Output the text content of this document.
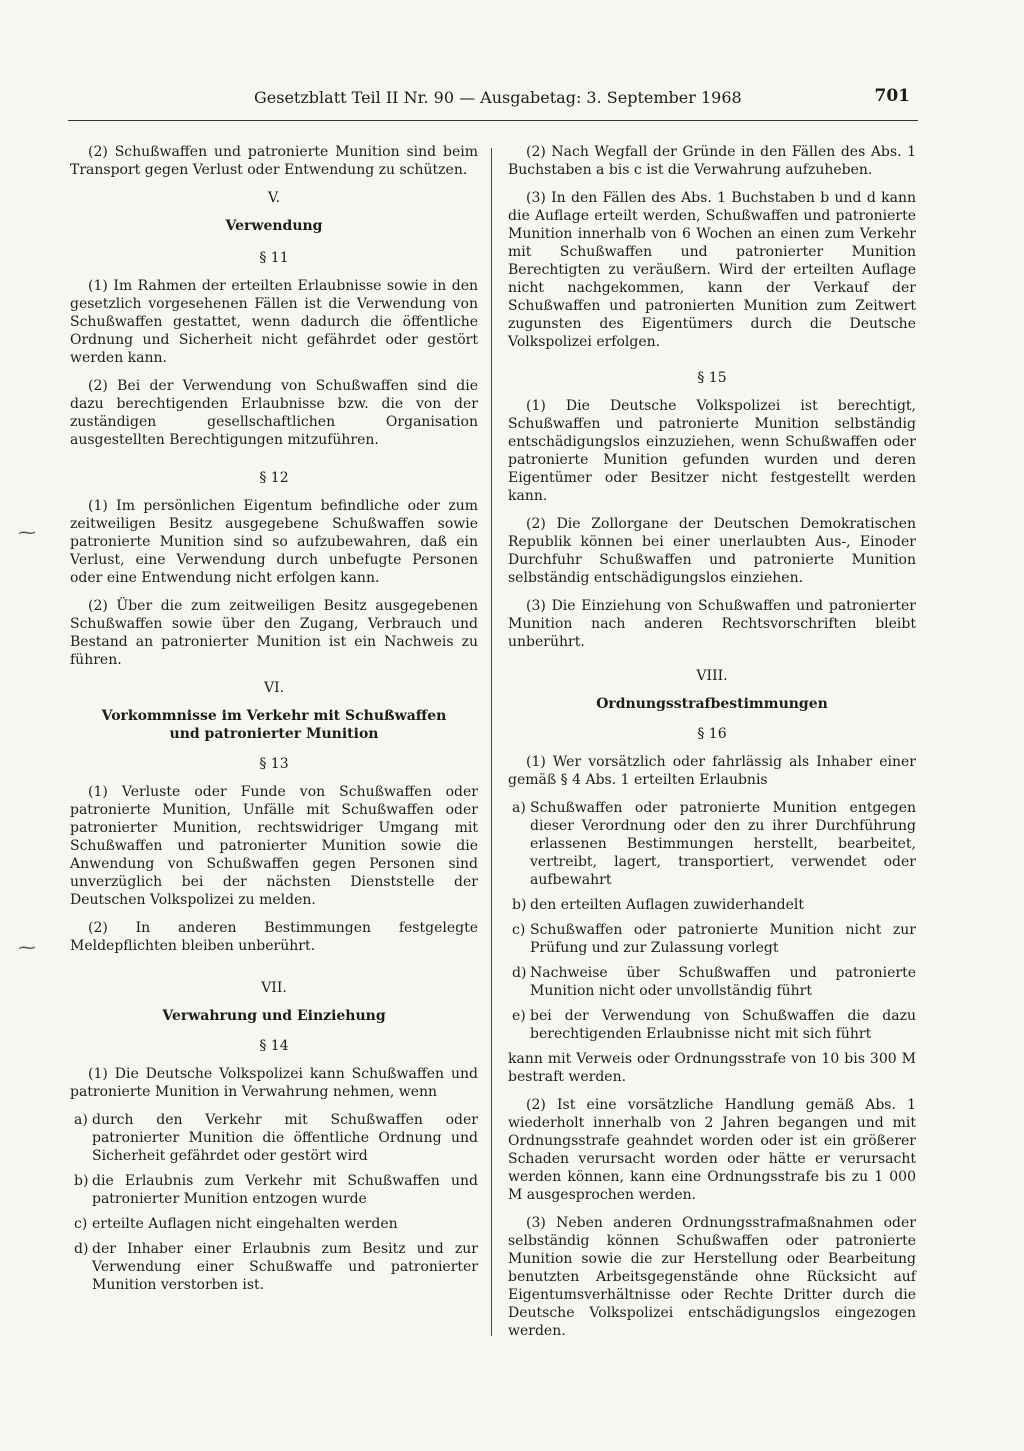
Gesetzblatt Teil II Nr. 90 — Ausgabetag: 3. September 1968	701
⁓
⁓

(2) Schußwaffen und patronierte Munition sind beim Transport gegen Verlust oder Entwendung zu schützen.

V.
Verwendung
§ 11

(1) Im Rahmen der erteilten Erlaubnisse sowie in den gesetzlich vorgesehenen Fällen ist die Verwendung von Schußwaffen gestattet, wenn dadurch die öffentliche Ordnung und Sicherheit nicht gefährdet oder gestört werden kann.

(2) Bei der Verwendung von Schußwaffen sind die dazu berechtigenden Erlaubnisse bzw. die von der zuständigen gesellschaftlichen Organisation ausgestellten Berechtigungen mitzuführen.

§ 12

(1) Im persönlichen Eigentum befindliche oder zum zeitweiligen Besitz ausgegebene Schußwaffen sowie patronierte Munition sind so aufzubewahren, daß ein Verlust, eine Verwendung durch unbefugte Personen oder eine Entwendung nicht erfolgen kann.

(2) Über die zum zeitweiligen Besitz ausgegebenen Schußwaffen sowie über den Zugang, Verbrauch und Bestand an patronierter Munition ist ein Nachweis zu führen.

VI.
Vorkommnisse im Verkehr mit Schußwaffen und patronierter Munition
§ 13

(1) Verluste oder Funde von Schußwaffen oder patronierte Munition, Unfälle mit Schußwaffen oder patronierter Munition, rechtswidriger Umgang mit Schußwaffen und patronierter Munition sowie die Anwendung von Schußwaffen gegen Personen sind unverzüglich bei der nächsten Dienststelle der Deutschen Volkspolizei zu melden.

(2) In anderen Bestimmungen festgelegte Meldepflichten bleiben unberührt.

VII.
Verwahrung und Einziehung
§ 14

(1) Die Deutsche Volkspolizei kann Schußwaffen und patronierte Munition in Verwahrung nehmen, wenn

a) durch den Verkehr mit Schußwaffen oder patronierter Munition die öffentliche Ordnung und Sicherheit gefährdet oder gestört wird
b) die Erlaubnis zum Verkehr mit Schußwaffen und patronierter Munition entzogen wurde
c) erteilte Auflagen nicht eingehalten werden
d) der Inhaber einer Erlaubnis zum Besitz und zur Verwendung einer Schußwaffe und patronierter Munition verstorben ist.

(2) Nach Wegfall der Gründe in den Fällen des Abs. 1 Buchstaben a bis c ist die Verwahrung aufzuheben.

(3) In den Fällen des Abs. 1 Buchstaben b und d kann die Auflage erteilt werden, Schußwaffen und patronierte Munition innerhalb von 6 Wochen an einen zum Verkehr mit Schußwaffen und patronierter Munition Berechtigten zu veräußern. Wird der erteilten Auflage nicht nachgekommen, kann der Verkauf der Schußwaffen und patronierten Munition zum Zeitwert zugunsten des Eigentümers durch die Deutsche Volkspolizei erfolgen.

§ 15

(1) Die Deutsche Volkspolizei ist berechtigt, Schußwaffen und patronierte Munition selbständig entschädigungslos einzuziehen, wenn Schußwaffen oder patronierte Munition gefunden wurden und deren Eigentümer oder Besitzer nicht festgestellt werden kann.

(2) Die Zollorgane der Deutschen Demokratischen Republik können bei einer unerlaubten Aus-, Einoder Durchfuhr Schußwaffen und patronierte Munition selbständig entschädigungslos einziehen.

(3) Die Einziehung von Schußwaffen und patronierter Munition nach anderen Rechtsvorschriften bleibt unberührt.

VIII.
Ordnungsstrafbestimmungen
§ 16

(1) Wer vorsätzlich oder fahrlässig als Inhaber einer gemäß § 4 Abs. 1 erteilten Erlaubnis

a) Schußwaffen oder patronierte Munition entgegen dieser Verordnung oder den zu ihrer Durchführung erlassenen Bestimmungen herstellt, bearbeitet, vertreibt, lagert, transportiert, verwendet oder aufbewahrt
b) den erteilten Auflagen zuwiderhandelt
c) Schußwaffen oder patronierte Munition nicht zur Prüfung und zur Zulassung vorlegt
d) Nachweise über Schußwaffen und patronierte Munition nicht oder unvollständig führt
e) bei der Verwendung von Schußwaffen die dazu berechtigenden Erlaubnisse nicht mit sich führt

kann mit Verweis oder Ordnungsstrafe von 10 bis 300 M bestraft werden.

(2) Ist eine vorsätzliche Handlung gemäß Abs. 1 wiederholt innerhalb von 2 Jahren begangen und mit Ordnungsstrafe geahndet worden oder ist ein größerer Schaden verursacht worden oder hätte er verursacht werden können, kann eine Ordnungsstrafe bis zu 1 000 M ausgesprochen werden.

(3) Neben anderen Ordnungsstrafmaßnahmen oder selbständig können Schußwaffen oder patronierte Munition sowie die zur Herstellung oder Bearbeitung benutzten Arbeitsgegenstände ohne Rücksicht auf Eigentumsverhältnisse oder Rechte Dritter durch die Deutsche Volkspolizei entschädigungslos eingezogen werden.
